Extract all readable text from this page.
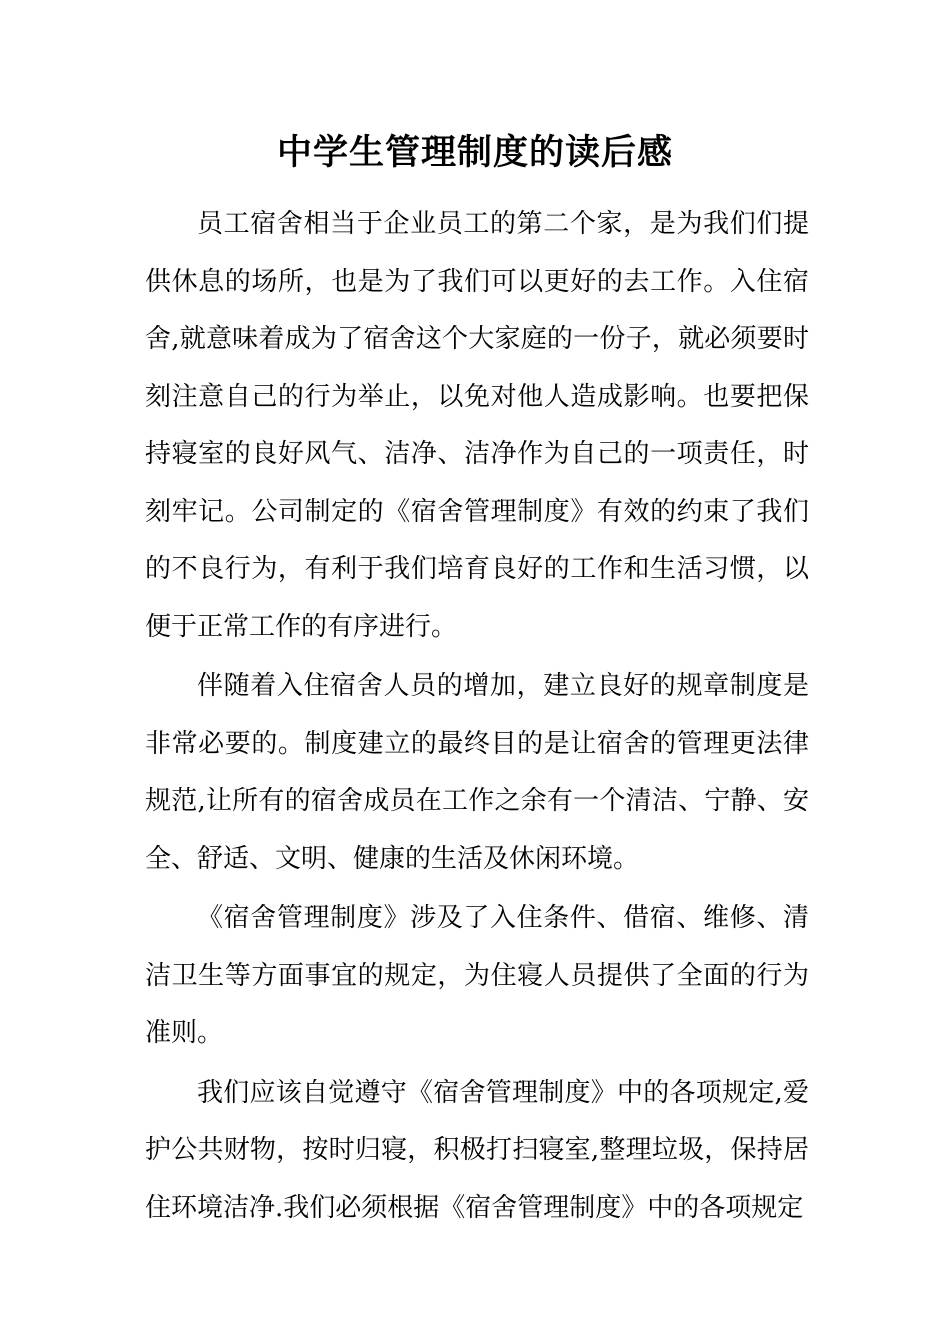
中学生管理制度的读后感

员工宿舍相当于企业员工的第二个家，是为我们们提供休息的场所，也是为了我们可以更好的去工作。入住宿舍,就意味着成为了宿舍这个大家庭的一份子，就必须要时刻注意自己的行为举止，以免对他人造成影响。也要把保持寝室的良好风气、洁净、洁净作为自己的一项责任，时刻牢记。公司制定的《宿舍管理制度》有效的约束了我们的不良行为，有利于我们培育良好的工作和生活习惯，以便于正常工作的有序进行。

伴随着入住宿舍人员的增加，建立良好的规章制度是非常必要的。制度建立的最终目的是让宿舍的管理更法律规范,让所有的宿舍成员在工作之余有一个清洁、宁静、安全、舒适、文明、健康的生活及休闲环境。

《宿舍管理制度》涉及了入住条件、借宿、维修、清洁卫生等方面事宜的规定，为住寝人员提供了全面的行为准则。

我们应该自觉遵守《宿舍管理制度》中的各项规定,爱护公共财物，按时归寝，积极打扫寝室,整理垃圾，保持居住环境洁净.我们必须根据《宿舍管理制度》中的各项规定
